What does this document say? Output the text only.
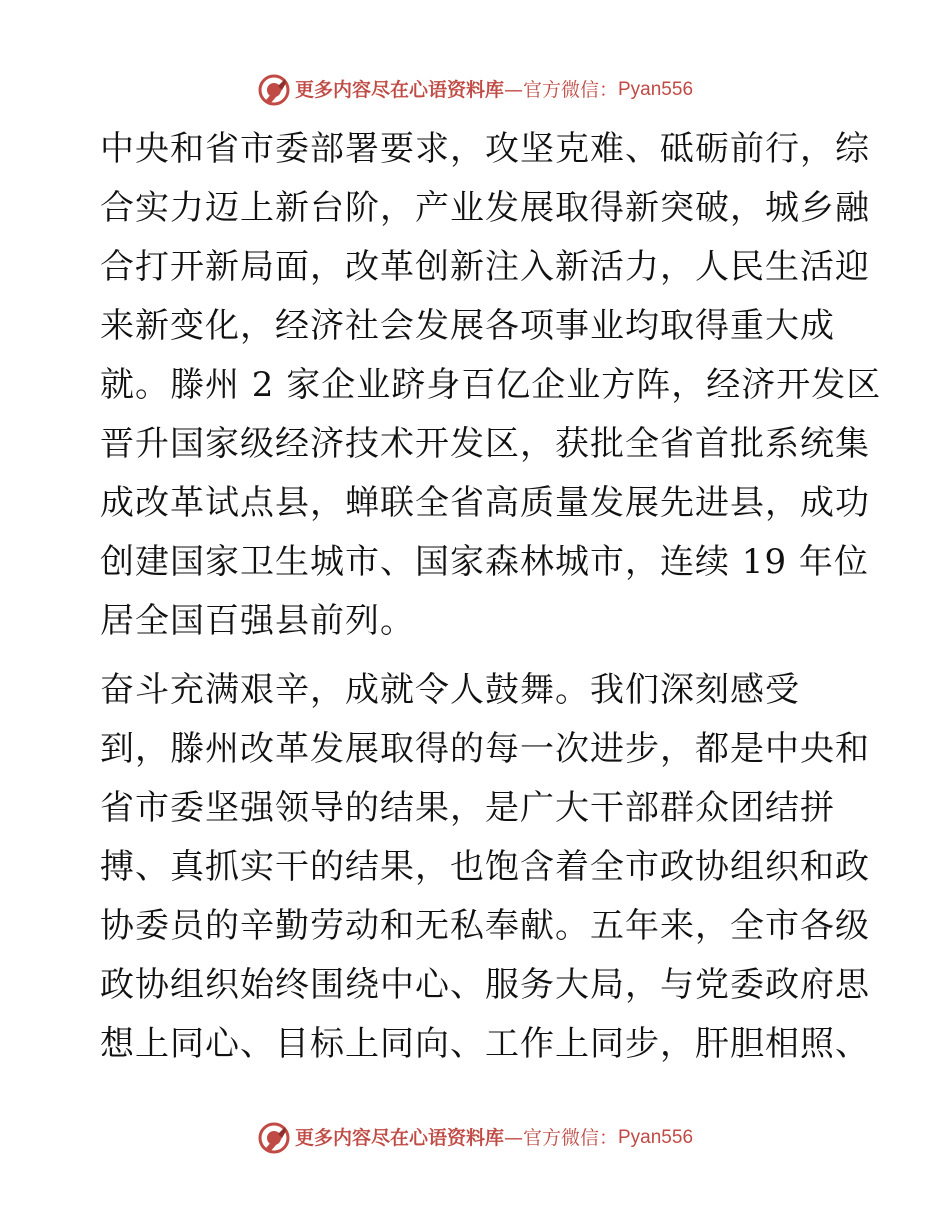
更多内容尽在心语资料库 — 官方微信： Pyan556

中央和省市委部署要求，攻坚克难、砥砺前行，综
合实力迈上新台阶，产业发展取得新突破，城乡融
合打开新局面，改革创新注入新活力，人民生活迎
来新变化，经济社会发展各项事业均取得重大成
就。滕州 2 家企业跻身百亿企业方阵，经济开发区
晋升国家级经济技术开发区，获批全省首批系统集
成改革试点县，蝉联全省高质量发展先进县，成功
创建国家卫生城市、国家森林城市，连续 19 年位
居全国百强县前列。

奋斗充满艰辛，成就令人鼓舞。我们深刻感受
到，滕州改革发展取得的每一次进步，都是中央和
省市委坚强领导的结果，是广大干部群众团结拼
搏、真抓实干的结果，也饱含着全市政协组织和政
协委员的辛勤劳动和无私奉献。五年来，全市各级
政协组织始终围绕中心、服务大局，与党委政府思
想上同心、目标上同向、工作上同步，肝胆相照、

更多内容尽在心语资料库 — 官方微信： Pyan556
